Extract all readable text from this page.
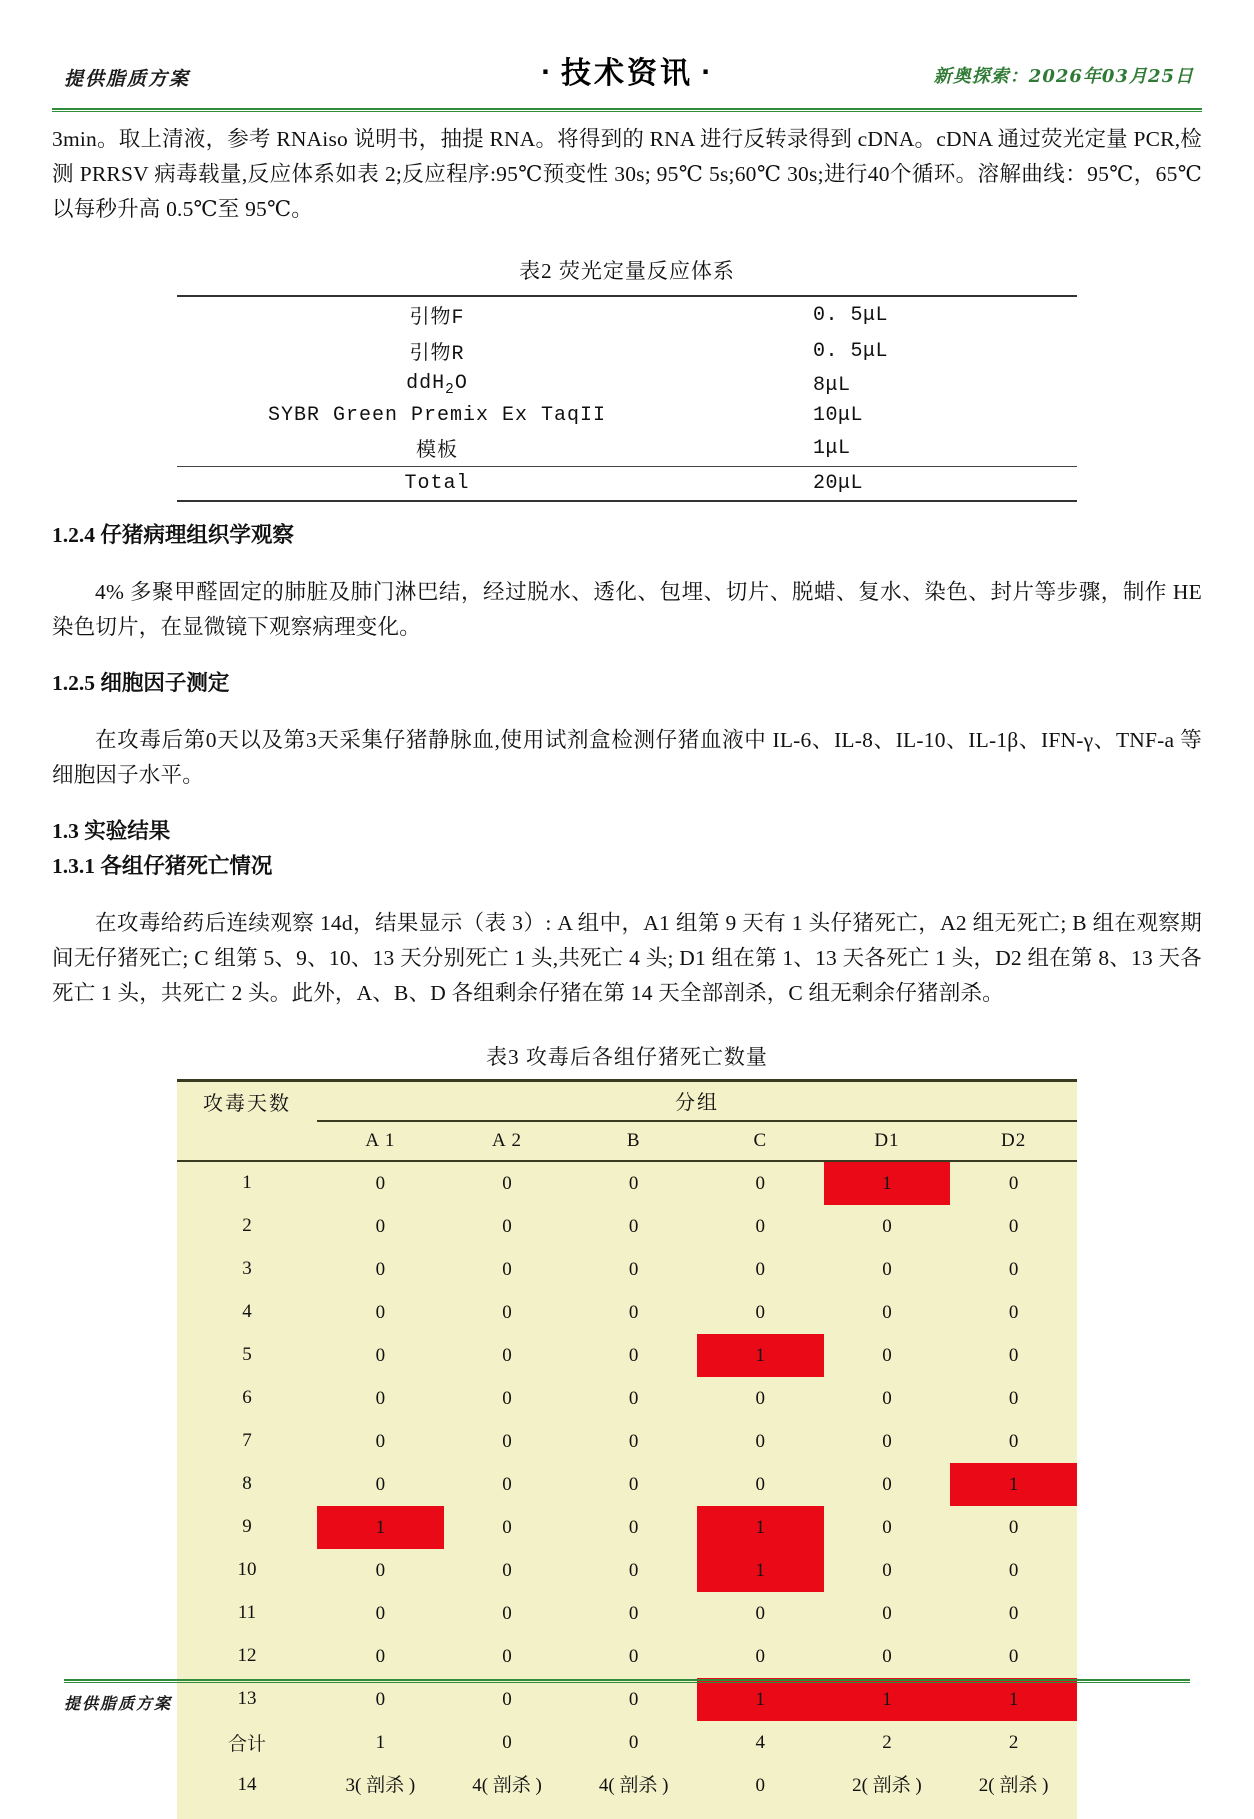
提供脂质方案	· 技术资讯 ·	新奥探索：2026年03月25日

3min。取上清液，参考 RNAiso 说明书，抽提 RNA。将得到的 RNA 进行反转录得到 cDNA。cDNA 通过荧光定量 PCR,检测 PRRSV 病毒载量,反应体系如表 2;反应程序:95℃预变性 30s; 95℃ 5s;60℃ 30s;进行40个循环。溶解曲线：95℃，65℃以每秒升高 0.5℃至 95℃。

表2 荧光定量反应体系
引物F	0. 5μL
引物R	0. 5μL
ddH$_2$O	8μL
SYBR Green Premix Ex TaqII	10μL
模板	1μL
Total	20μL

1.2.4 仔猪病理组织学观察

4% 多聚甲醛固定的肺脏及肺门淋巴结，经过脱水、透化、包埋、切片、脱蜡、复水、染色、封片等步骤，制作 HE 染色切片，在显微镜下观察病理变化。

1.2.5 细胞因子测定

在攻毒后第0天以及第3天采集仔猪静脉血,使用试剂盒检测仔猪血液中 IL-6、IL-8、IL-10、IL-1β、IFN-γ、TNF-a 等细胞因子水平。

1.3 实验结果

1.3.1 各组仔猪死亡情况

在攻毒给药后连续观察 14d，结果显示（表 3）: A 组中，A1 组第 9 天有 1 头仔猪死亡，A2 组无死亡; B 组在观察期间无仔猪死亡; C 组第 5、9、10、13 天分别死亡 1 头,共死亡 4 头; D1 组在第 1、13 天各死亡 1 头，D2 组在第 8、13 天各死亡 1 头，共死亡 2 头。此外，A、B、D 各组剩余仔猪在第 14 天全部剖杀，C 组无剩余仔猪剖杀。

表3 攻毒后各组仔猪死亡数量
攻毒天数	分组					
	A 1	A 2	B	C	D1	D2
1	0	0	0	0	1	0

2	0	0	0	0	0	0

3	0	0	0	0	0	0

4	0	0	0	0	0	0

5	0	0	0	1	0	0

6	0	0	0	0	0	0

7	0	0	0	0	0	0

8	0	0	0	0	0	1

9	1	0	0	1	0	0

10	0	0	0	1	0	0

11	0	0	0	0	0	0

12	0	0	0	0	0	0

13	0	0	0	1	1	1

合计	1	0	0	4	2	2

14	3( 剖杀 )	4( 剖杀 )	4( 剖杀 )	0	2( 剖杀 )	2( 剖杀 )
提供脂质方案
